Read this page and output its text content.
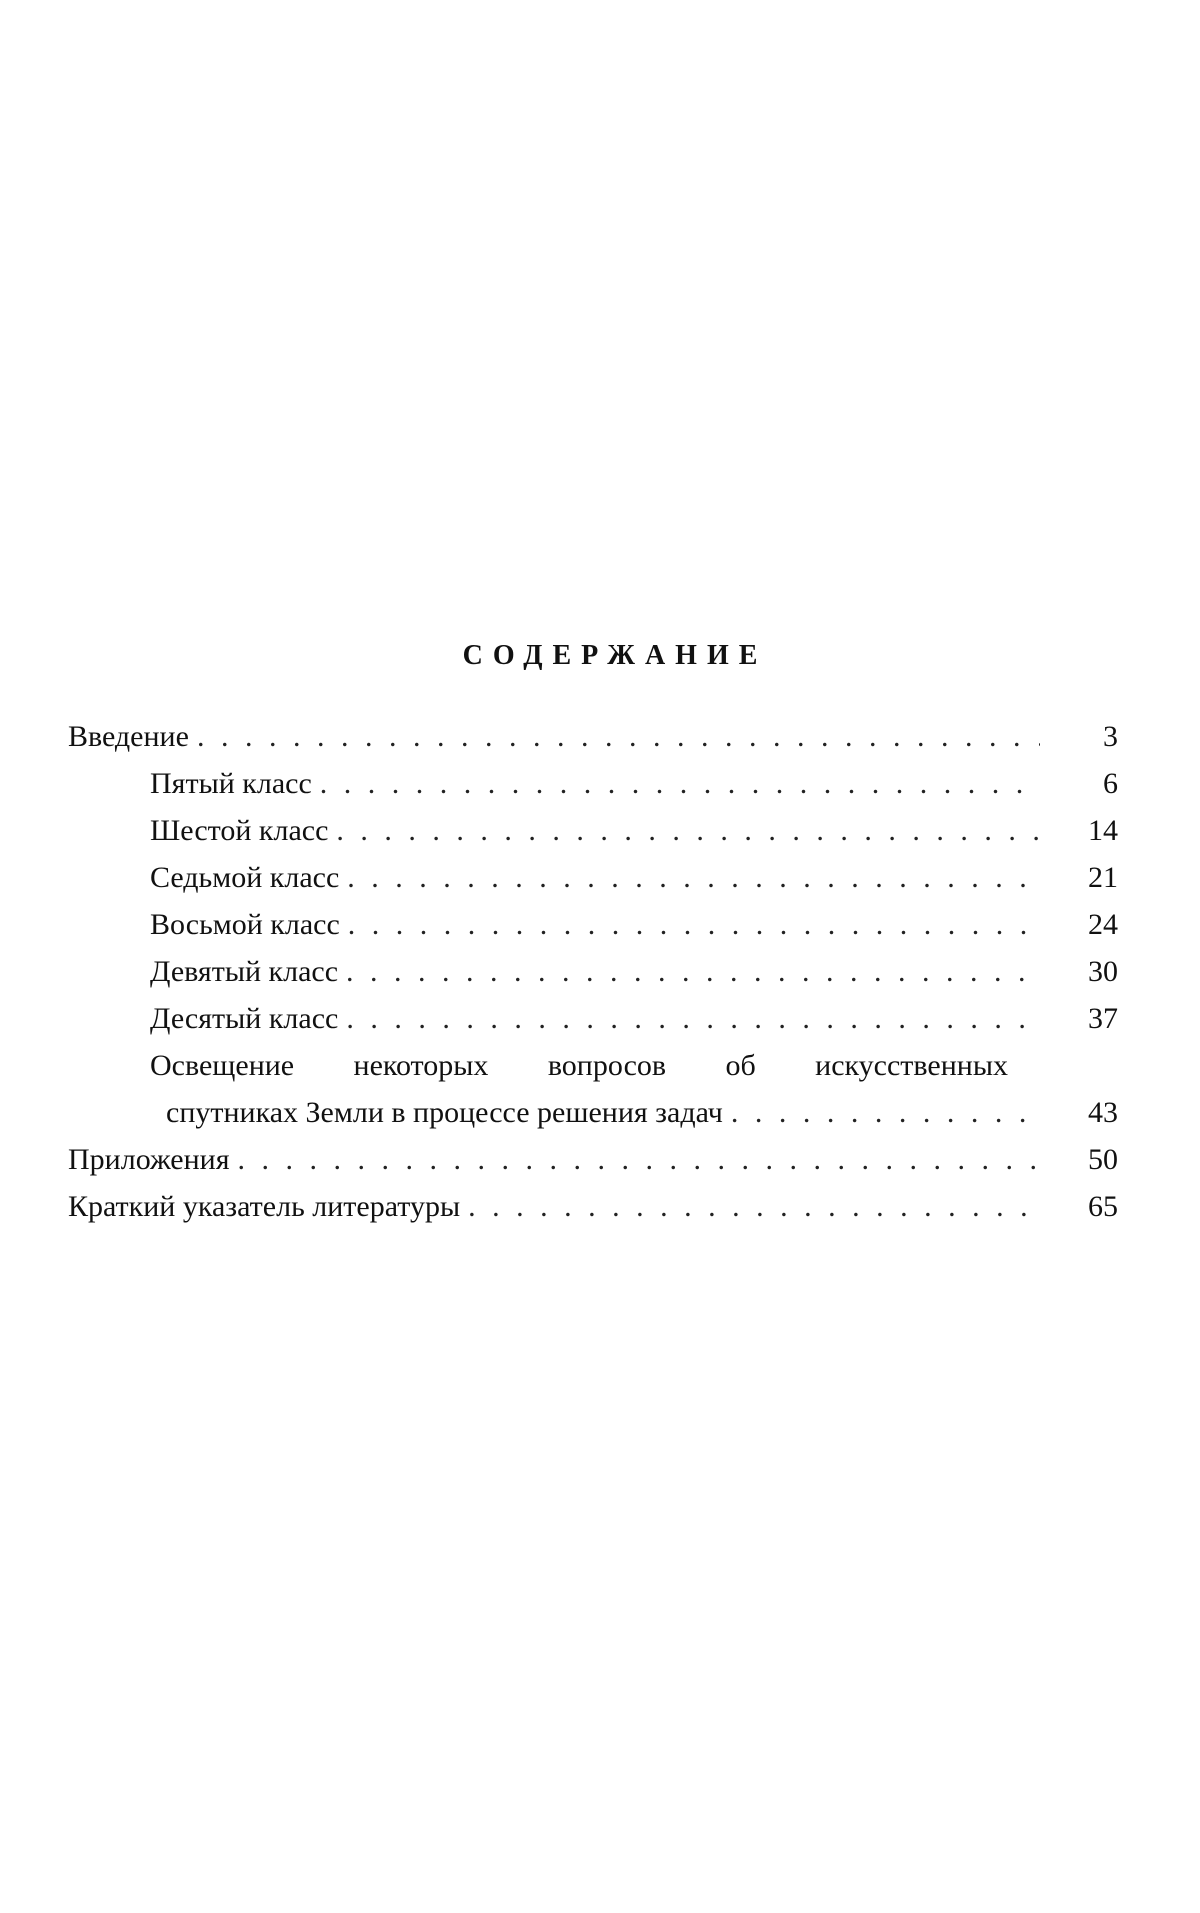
СОДЕРЖАНИЕ
Введение . . .	3
Пятый класс . . .	6
Шестой класс . . .	14
Седьмой класс . . .	21
Восьмой класс . . .	24
Девятый класс . . .	30
Десятый класс . . .	37
Освещение некоторых вопросов об искусственных
спутниках Земли в процессе решения задач . . .	43
Приложения . . .	50
Краткий указатель литературы . . .	65
